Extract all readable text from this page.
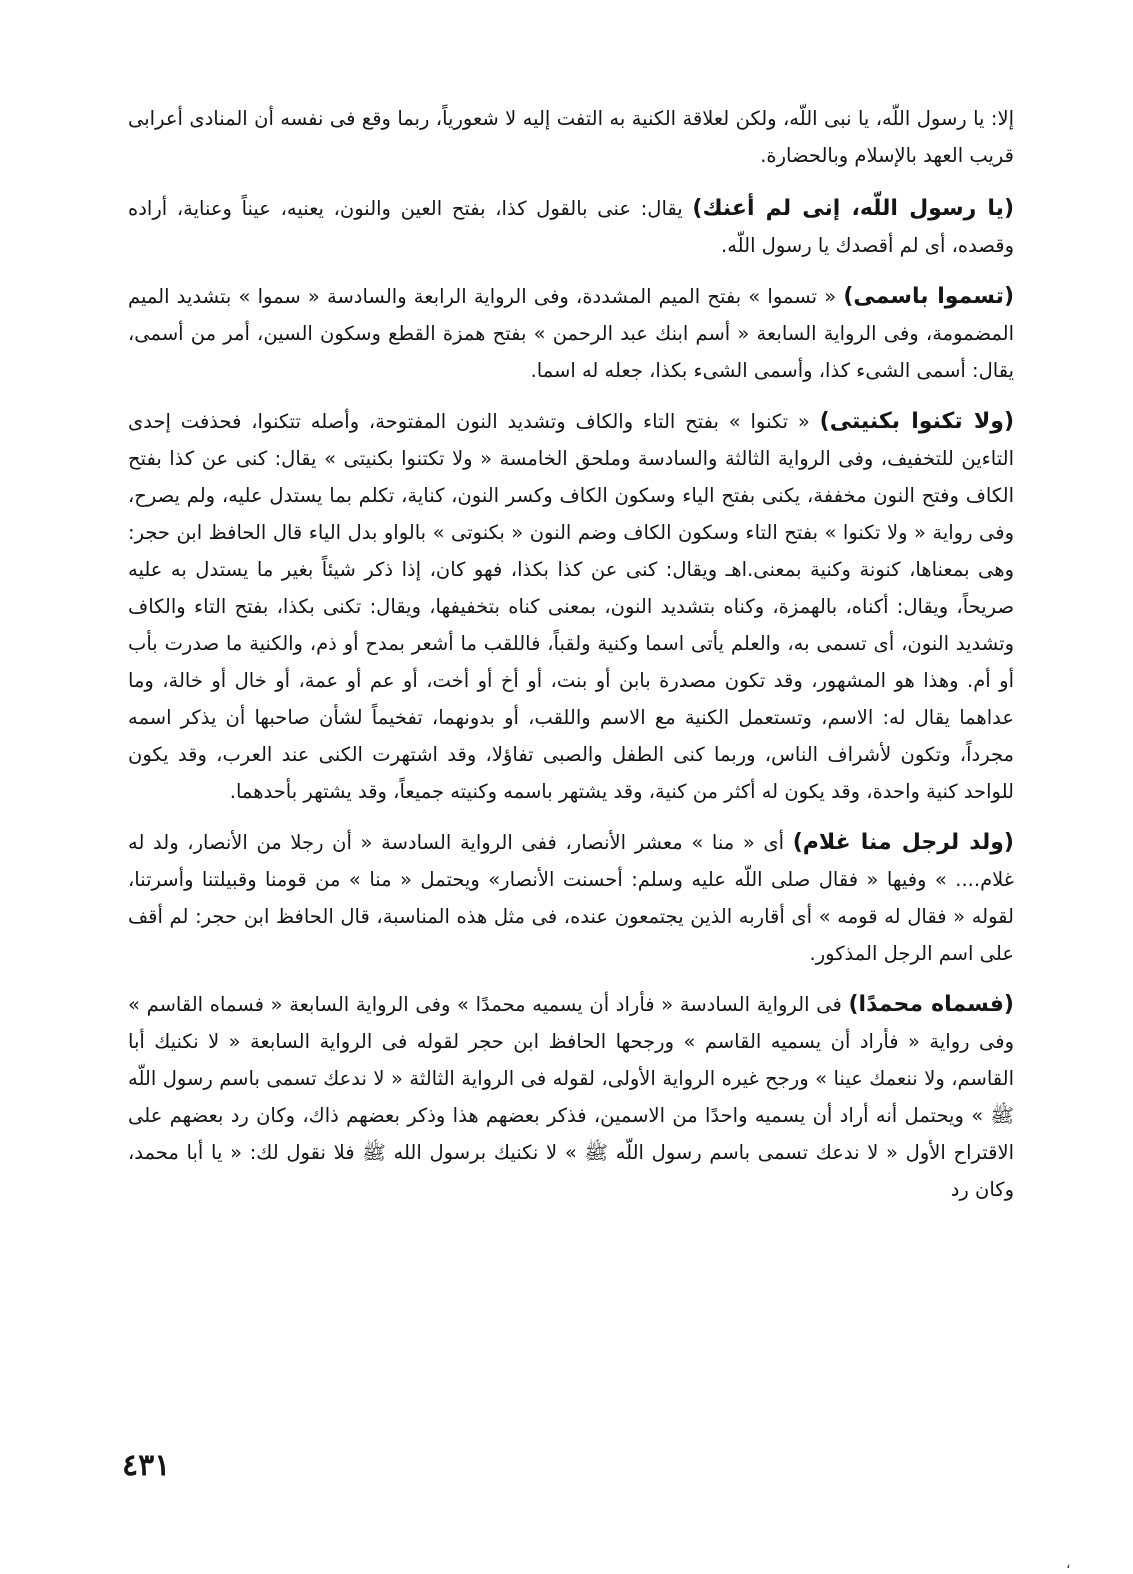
إلا: يا رسول اللّه، يا نبى اللّه، ولكن لعلاقة الكنية به التفت إليه لا شعورياً، ربما وقع فى نفسه أن المنادى أعرابى قريب العهد بالإسلام وبالحضارة.

(يا رسول اللّه، إنى لم أعنك) يقال: عنى بالقول كذا، بفتح العين والنون، يعنيه، عيناً وعناية، أراده وقصده، أى لم أقصدك يا رسول اللّه.

(تسموا باسمى) « تسموا » بفتح الميم المشددة، وفى الرواية الرابعة والسادسة « سموا » بتشديد الميم المضمومة، وفى الرواية السابعة « أسم ابنك عبد الرحمن » بفتح همزة القطع وسكون السين، أمر من أسمى، يقال: أسمى الشىء كذا، وأسمى الشىء بكذا، جعله له اسما.

(ولا تكنوا بكنيتى) « تكنوا » بفتح التاء والكاف وتشديد النون المفتوحة، وأصله تتكنوا، فحذفت إحدى التاءين للتخفيف، وفى الرواية الثالثة والسادسة وملحق الخامسة « ولا تكتنوا بكنيتى » يقال: كنى عن كذا بفتح الكاف وفتح النون مخففة، يكنى بفتح الياء وسكون الكاف وكسر النون، كناية، تكلم بما يستدل عليه، ولم يصرح، وفى رواية « ولا تكنوا » بفتح التاء وسكون الكاف وضم النون « بكنوتى » بالواو بدل الياء قال الحافظ ابن حجر: وهى بمعناها، كنونة وكنية بمعنى.اهـ ويقال: كنى عن كذا بكذا، فهو كان، إذا ذكر شيئاً بغير ما يستدل به عليه صريحاً، ويقال: أكناه، بالهمزة، وكناه بتشديد النون، بمعنى كناه بتخفيفها، ويقال: تكنى بكذا، بفتح التاء والكاف وتشديد النون، أى تسمى به، والعلم يأتى اسما وكنية ولقباً، فاللقب ما أشعر بمدح أو ذم، والكنية ما صدرت بأب أو أم. وهذا هو المشهور، وقد تكون مصدرة بابن أو بنت، أو أخ أو أخت، أو عم أو عمة، أو خال أو خالة، وما عداهما يقال له: الاسم، وتستعمل الكنية مع الاسم واللقب، أو بدونهما، تفخيماً لشأن صاحبها أن يذكر اسمه مجرداً، وتكون لأشراف الناس، وربما كنى الطفل والصبى تفاؤلا، وقد اشتهرت الكنى عند العرب، وقد يكون للواحد كنية واحدة، وقد يكون له أكثر من كنية، وقد يشتهر باسمه وكنيته جميعاً، وقد يشتهر بأحدهما.

(ولد لرجل منا غلام) أى « منا » معشر الأنصار، ففى الرواية السادسة « أن رجلا من الأنصار، ولد له غلام.... » وفيها « فقال صلى اللّه عليه وسلم: أحسنت الأنصار» ويحتمل « منا » من قومنا وقبيلتنا وأسرتنا، لقوله « فقال له قومه » أى أقاربه الذين يجتمعون عنده، فى مثل هذه المناسبة، قال الحافظ ابن حجر: لم أقف على اسم الرجل المذكور.

(فسماه محمدًا) فى الرواية السادسة « فأراد أن يسميه محمدًا » وفى الرواية السابعة « فسماه القاسم » وفى رواية « فأراد أن يسميه القاسم » ورجحها الحافظ ابن حجر لقوله فى الرواية السابعة « لا نكنيك أبا القاسم، ولا ننعمك عينا » ورجح غيره الرواية الأولى، لقوله فى الرواية الثالثة « لا ندعك تسمى باسم رسول اللّه ﷺ » ويحتمل أنه أراد أن يسميه واحدًا من الاسمين، فذكر بعضهم هذا وذكر بعضهم ذاك، وكان رد بعضهم على الاقتراح الأول « لا ندعك تسمى باسم رسول اللّه ﷺ » لا نكنيك برسول الله ﷺ فلا نقول لك: « يا أبا محمد، وكان رد

٤٣١
،
